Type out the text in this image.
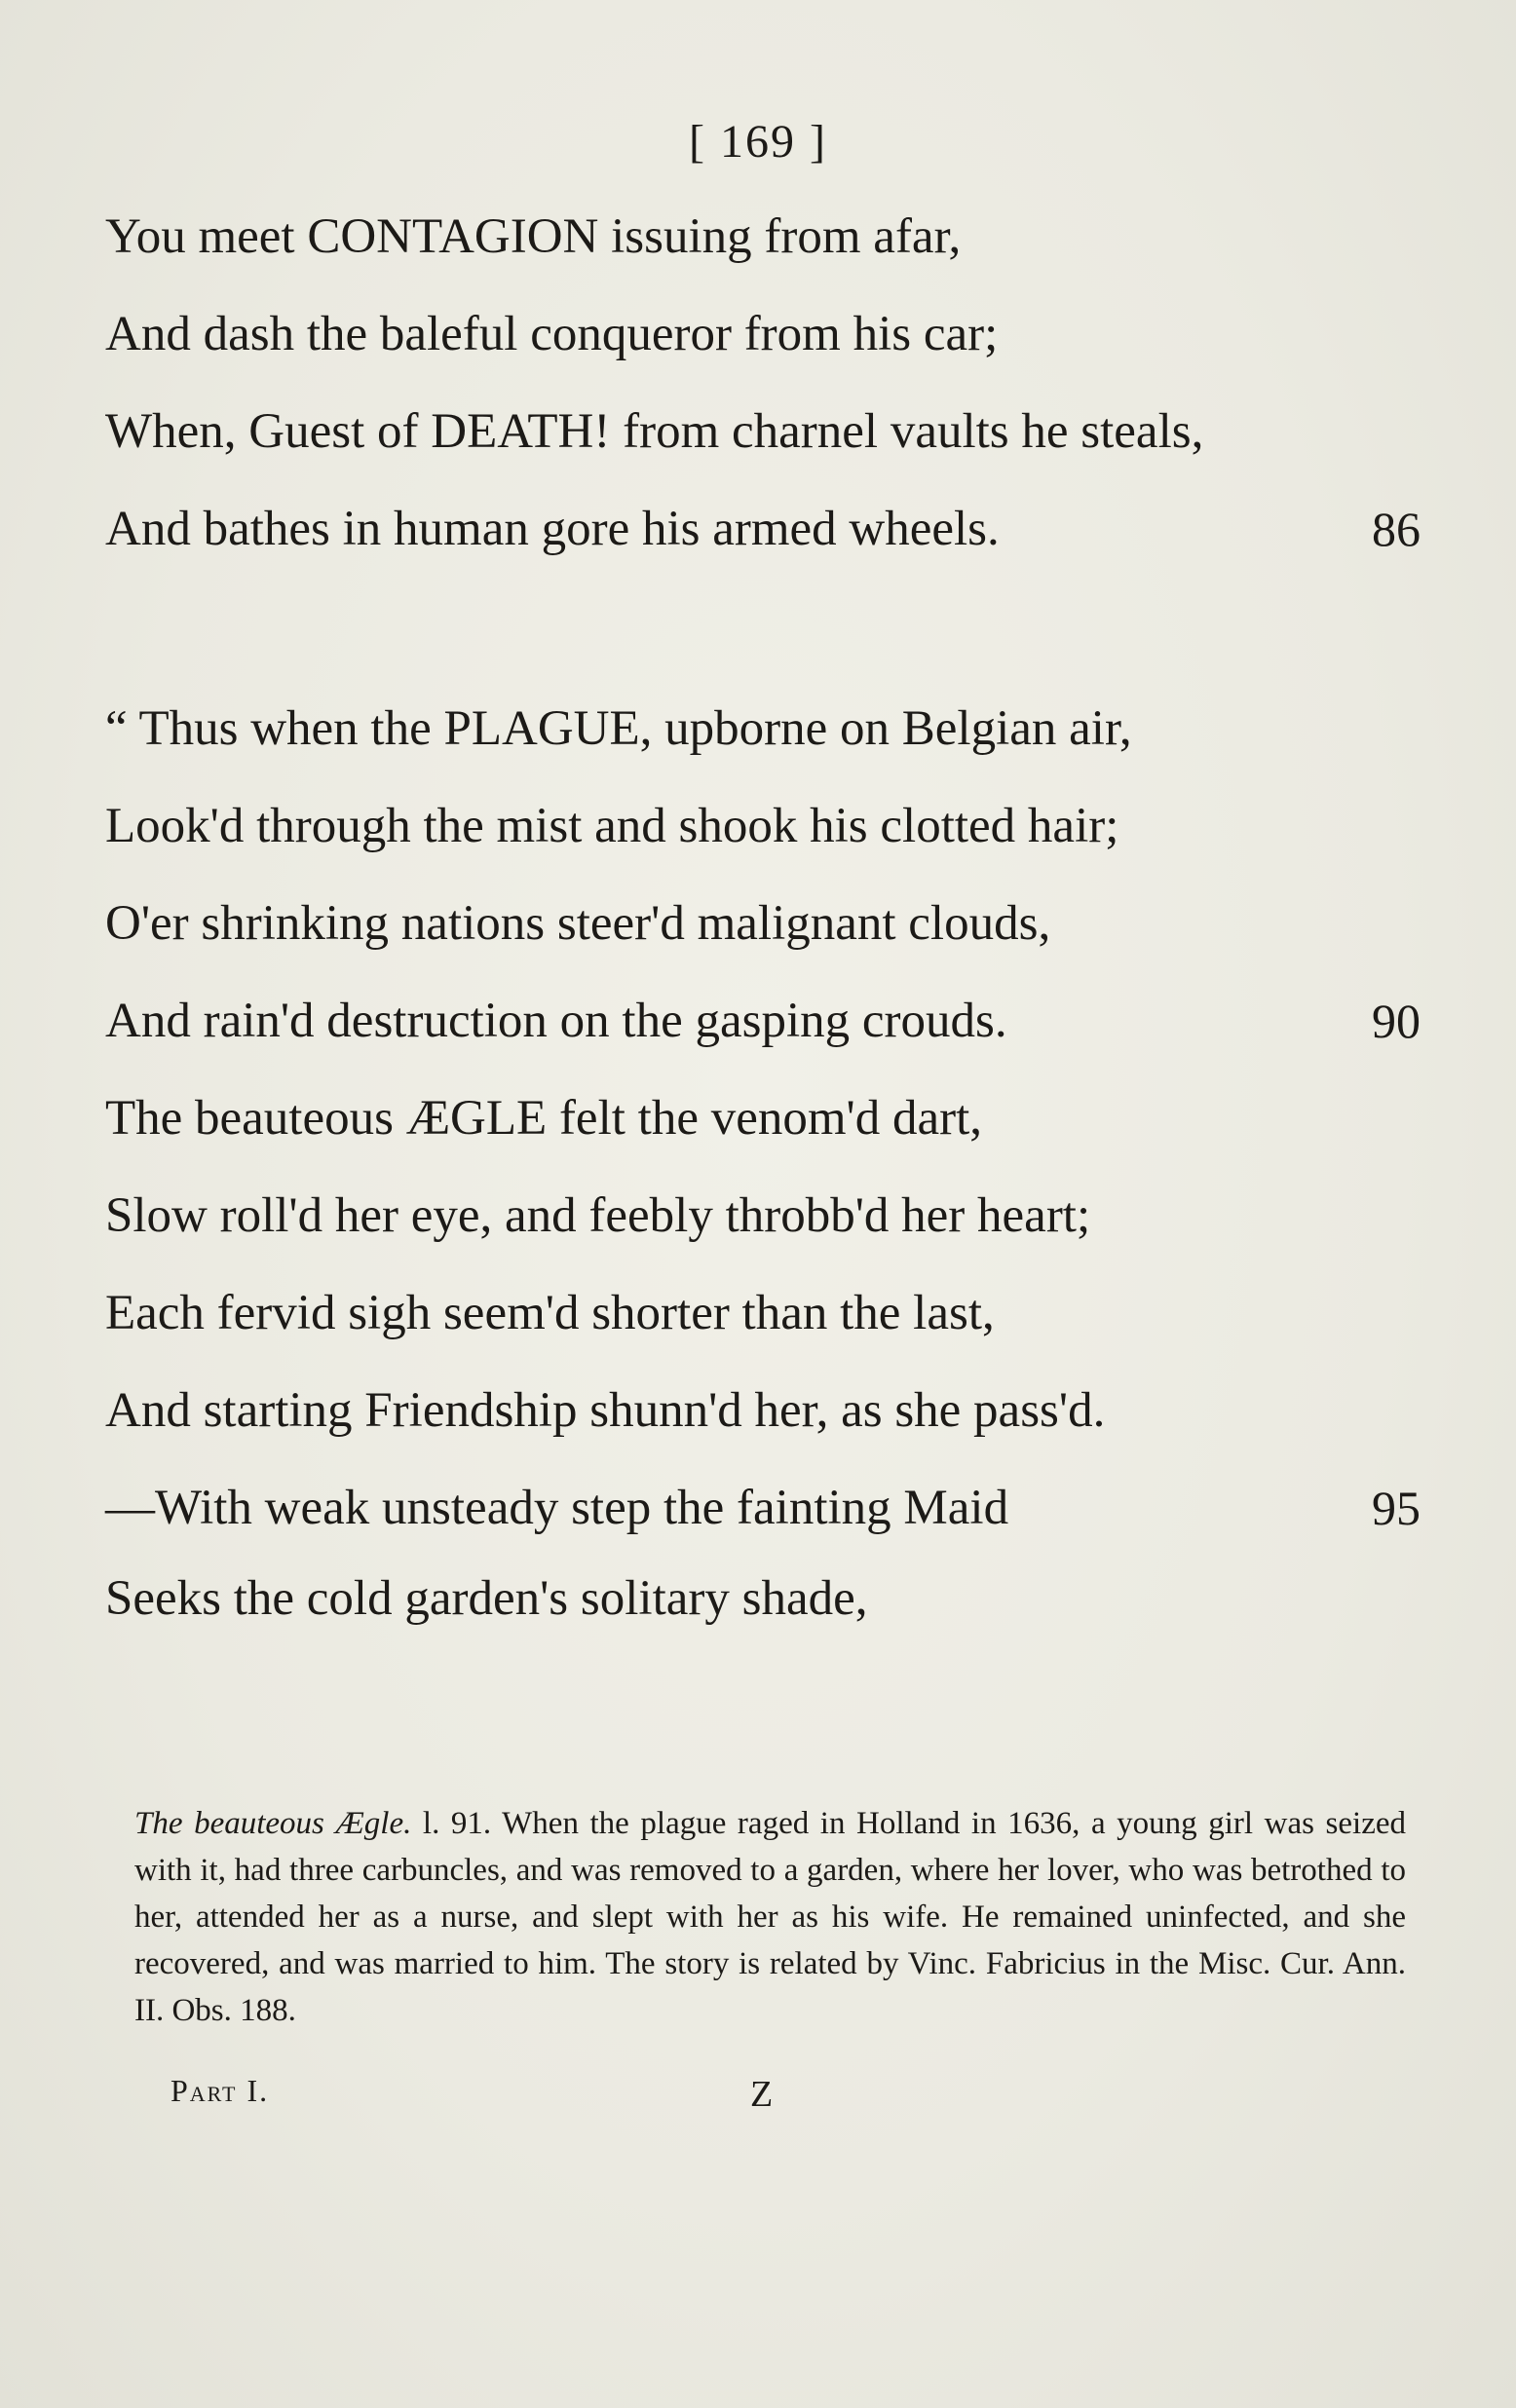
[ 169 ]
You meet CONTAGION issuing from afar,
And dash the baleful conqueror from his car;
When, Guest of DEATH! from charnel vaults he steals,
And bathes in human gore his armed wheels.	86
“ Thus when the PLAGUE, upborne on Belgian air,
Look'd through the mist and shook his clotted hair;
O'er shrinking nations steer'd malignant clouds,
And rain'd destruction on the gasping crouds.	90
The beauteous ÆGLE felt the venom'd dart,
Slow roll'd her eye, and feebly throbb'd her heart;
Each fervid sigh seem'd shorter than the last,
And starting Friendship shunn'd her, as she pass'd.
—With weak unsteady step the fainting Maid	95
Seeks the cold garden's solitary shade,
The beauteous Ægle. l. 91. When the plague raged in Holland in 1636, a young girl was seized with it, had three carbuncles, and was removed to a garden, where her lover, who was betrothed to her, attended her as a nurse, and slept with her as his wife. He remained uninfected, and she recovered, and was married to him. The story is related by Vinc. Fabricius in the Misc. Cur. Ann. II. Obs. 188.
Part I.	Z
